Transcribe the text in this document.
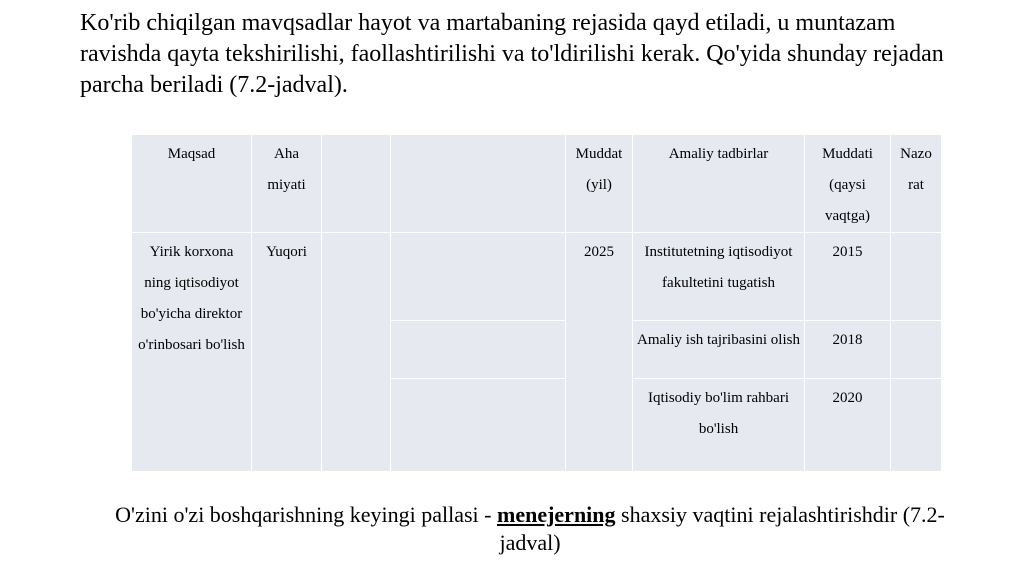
Ko'rib chiqilgan mavqsadlar hayot va martabaning rejasida qayd etiladi, u muntazam ravishda qayta tekshirilishi, faollashtirilishi va to'ldirilishi kerak. Qo'yida shunday rejadan parcha beriladi (7.2-jadval).

Maqsad	Aha miyati			Muddat (yil)	Amaliy tadbirlar	Muddati (qaysi vaqtga)	Nazo rat
Yirik korxona ning iqtisodiyot bo'yicha direktor o'rinbosari bo'lish	Yuqori			2025	Institutetning iqtisodiyot fakultetini tugatish	2015	
					Amaliy ish tajribasini olish	2018	
					Iqtisodiy bo'lim rahbari bo'lish	2020	

O'zini o'zi boshqarishning keyingi pallasi - menejerning shaxsiy vaqtini rejalashtirishdir (7.2-jadval)
